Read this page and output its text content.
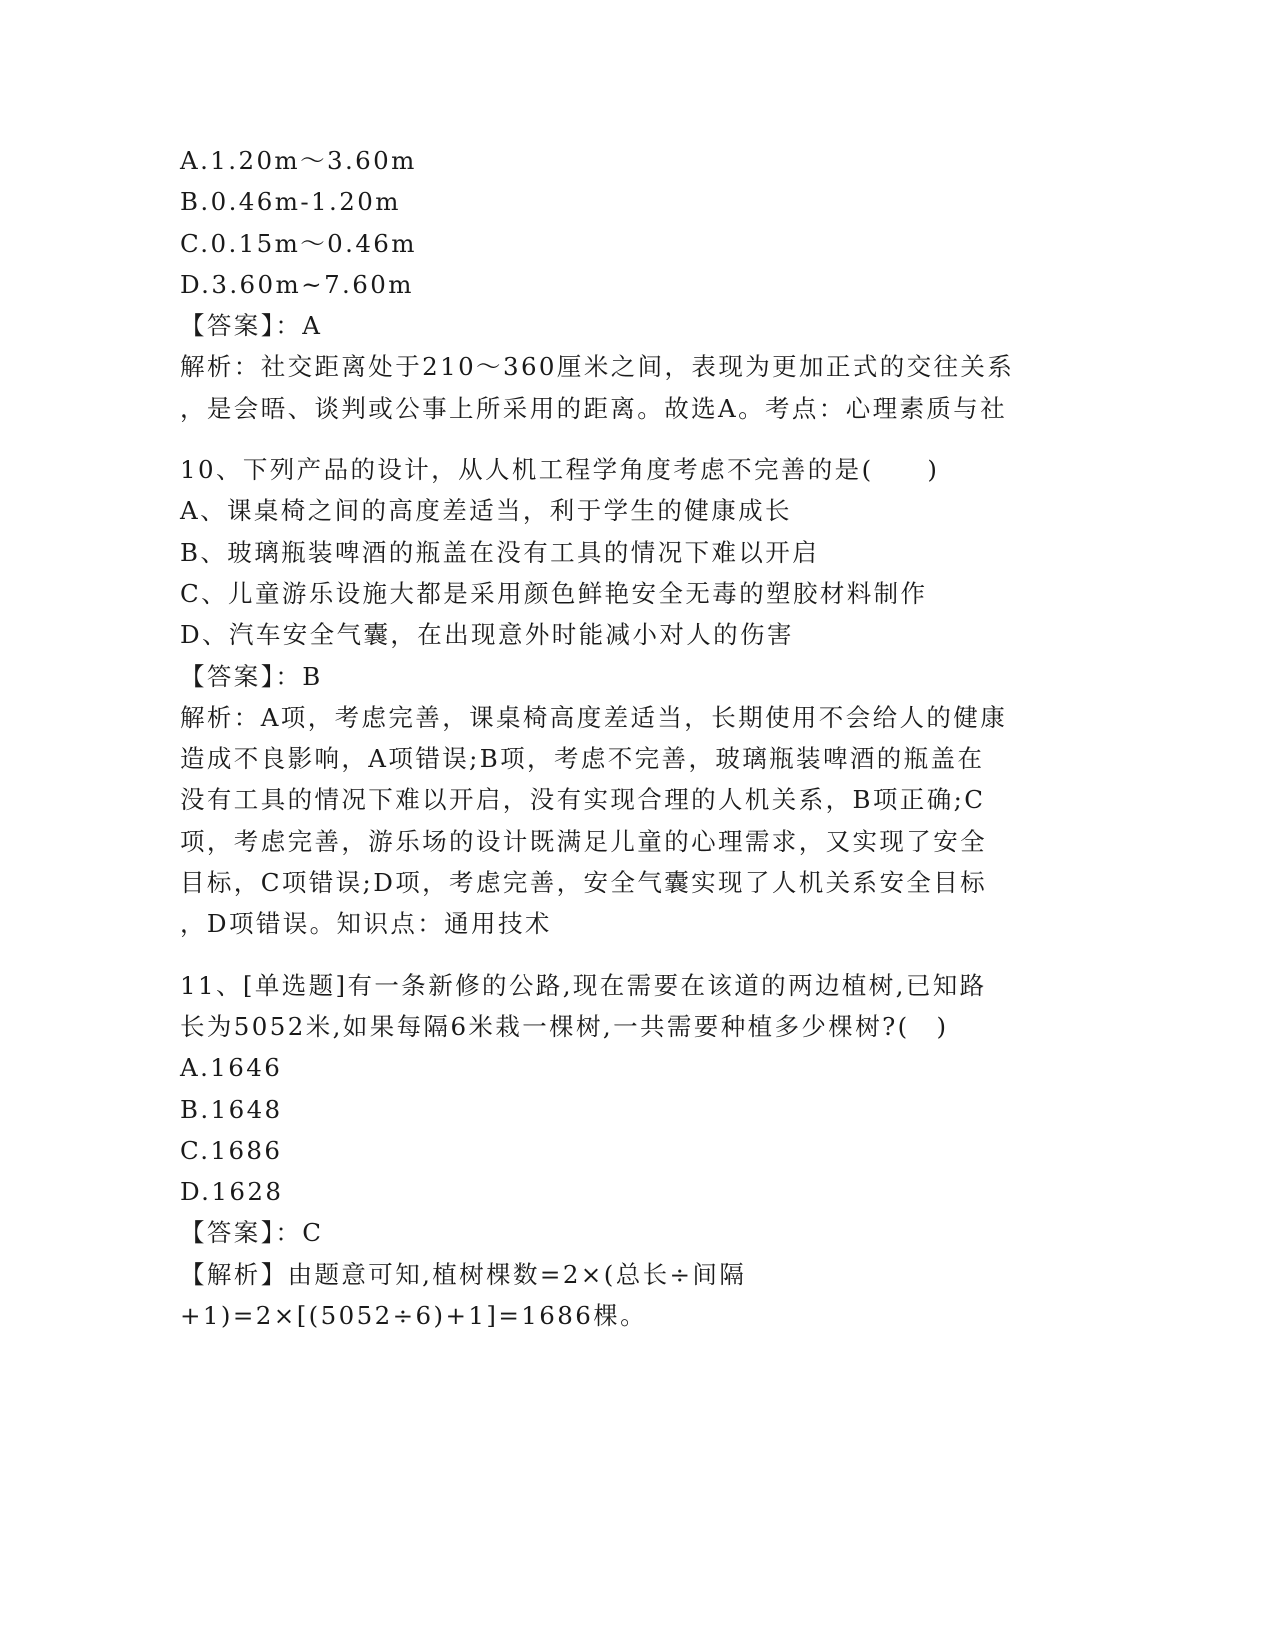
A.1.20m～3.60m
B.0.46m-1.20m
C.0.15m～0.46m
D.3.60m~7.60m
【答案】：A
解析：社交距离处于210～360厘米之间，表现为更加正式的交往关系
，是会晤、谈判或公事上所采用的距离。故选A。考点：心理素质与社
10、下列产品的设计，从人机工程学角度考虑不完善的是(　　)
A、课桌椅之间的高度差适当，利于学生的健康成长
B、玻璃瓶装啤酒的瓶盖在没有工具的情况下难以开启
C、儿童游乐设施大都是采用颜色鲜艳安全无毒的塑胶材料制作
D、汽车安全气囊，在出现意外时能减小对人的伤害
【答案】：B
解析：A项，考虑完善，课桌椅高度差适当，长期使用不会给人的健康
造成不良影响，A项错误;B项，考虑不完善，玻璃瓶装啤酒的瓶盖在
没有工具的情况下难以开启，没有实现合理的人机关系，B项正确;C
项，考虑完善，游乐场的设计既满足儿童的心理需求，又实现了安全
目标，C项错误;D项，考虑完善，安全气囊实现了人机关系安全目标
，D项错误。知识点：通用技术
11、[单选题]有一条新修的公路,现在需要在该道的两边植树,已知路
长为5052米,如果每隔6米栽一棵树,一共需要种植多少棵树?(　)
A.1646
B.1648
C.1686
D.1628
【答案】：C
【解析】由题意可知,植树棵数=2×(总长÷间隔
+1)=2×[(5052÷6)+1]=1686棵。
